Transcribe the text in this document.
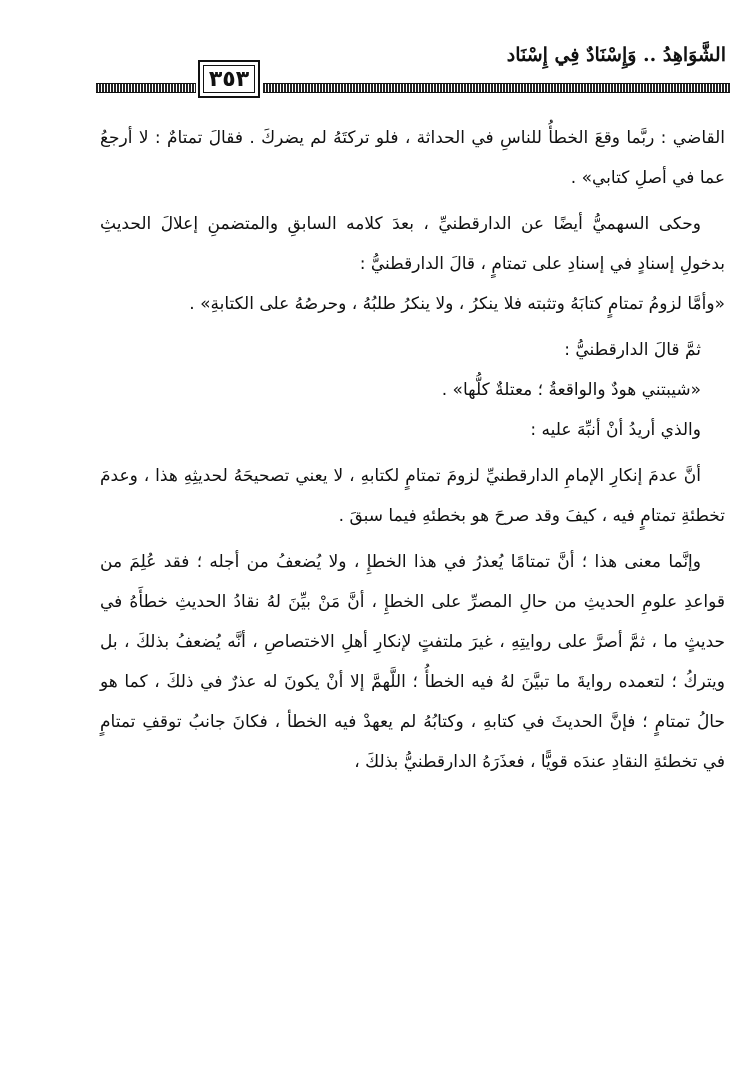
الشَّوَاهِدُ .. وَإِسْنَادٌ فِي إِسْنَاد
٣٥٣

القاضي : ربَّما وقعَ الخطأُ للناسِ في الحداثة ، فلو تركتَهُ لم يضركَ . فقالَ تمتامٌ : لا أرجعُ عما في أصلِ كتابي» .

وحكى السهميُّ أيضًا عن الدارقطنيِّ ، بعدَ كلامه السابقِ والمتضمنِ إعلالَ الحديثِ بدخولِ إسنادٍ في إسنادِ على تمتامٍ ، قالَ الدارقطنيُّ :

«وأمَّا لزومُ تمتامٍ كتابَهُ وتثبته فلا ينكرُ ، ولا ينكرُ طلبُهُ ، وحرصُهُ على الكتابةِ» .

ثمَّ قالَ الدارقطنيُّ :

«شيبتني هودٌ والواقعةُ ؛ معتلةٌ كلُّها» .

والذي أريدُ أنْ أنبِّهَ عليه :

أنَّ عدمَ إنكارِ الإمامِ الدارقطنيِّ لزومَ تمتامٍ لكتابهِ ، لا يعني تصحيحَهُ لحديثِهِ هذا ، وعدمَ تخطئةِ تمتامٍ فيه ، كيفَ وقد صرحَ هو بخطئهِ فيما سبقَ .

وإنَّما معنى هذا ؛ أنَّ تمتامًا يُعذرُ في هذا الخطإِ ، ولا يُضعفُ من أجله ؛ فقد عُلِمَ من قواعدِ علومِ الحديثِ من حالِ المصرِّ على الخطإِ ، أنَّ مَنْ بيِّنَ لهُ نقادُ الحديثِ خطأَهُ في حديثٍ ما ، ثمَّ أصرَّ على روايتِهِ ، غيرَ ملتفتٍ لإنكارِ أهلِ الاختصاصِ ، أنَّه يُضعفُ بذلكَ ، بل ويتركُ ؛ لتعمده روايةَ ما تبيَّنَ لهُ فيه الخطأُ ؛ اللَّهمَّ إلا أنْ يكونَ له عذرٌ في ذلكَ ، كما هو حالُ تمتامٍ ؛ فإنَّ الحديثَ في كتابهِ ، وكتابُهُ لم يعهدْ فيه الخطأ ، فكانَ جانبُ توقفِ تمتامٍ في تخطئةِ النقادِ عندَه قويًّا ، فعذَرَهُ الدارقطنيُّ بذلكَ ،
